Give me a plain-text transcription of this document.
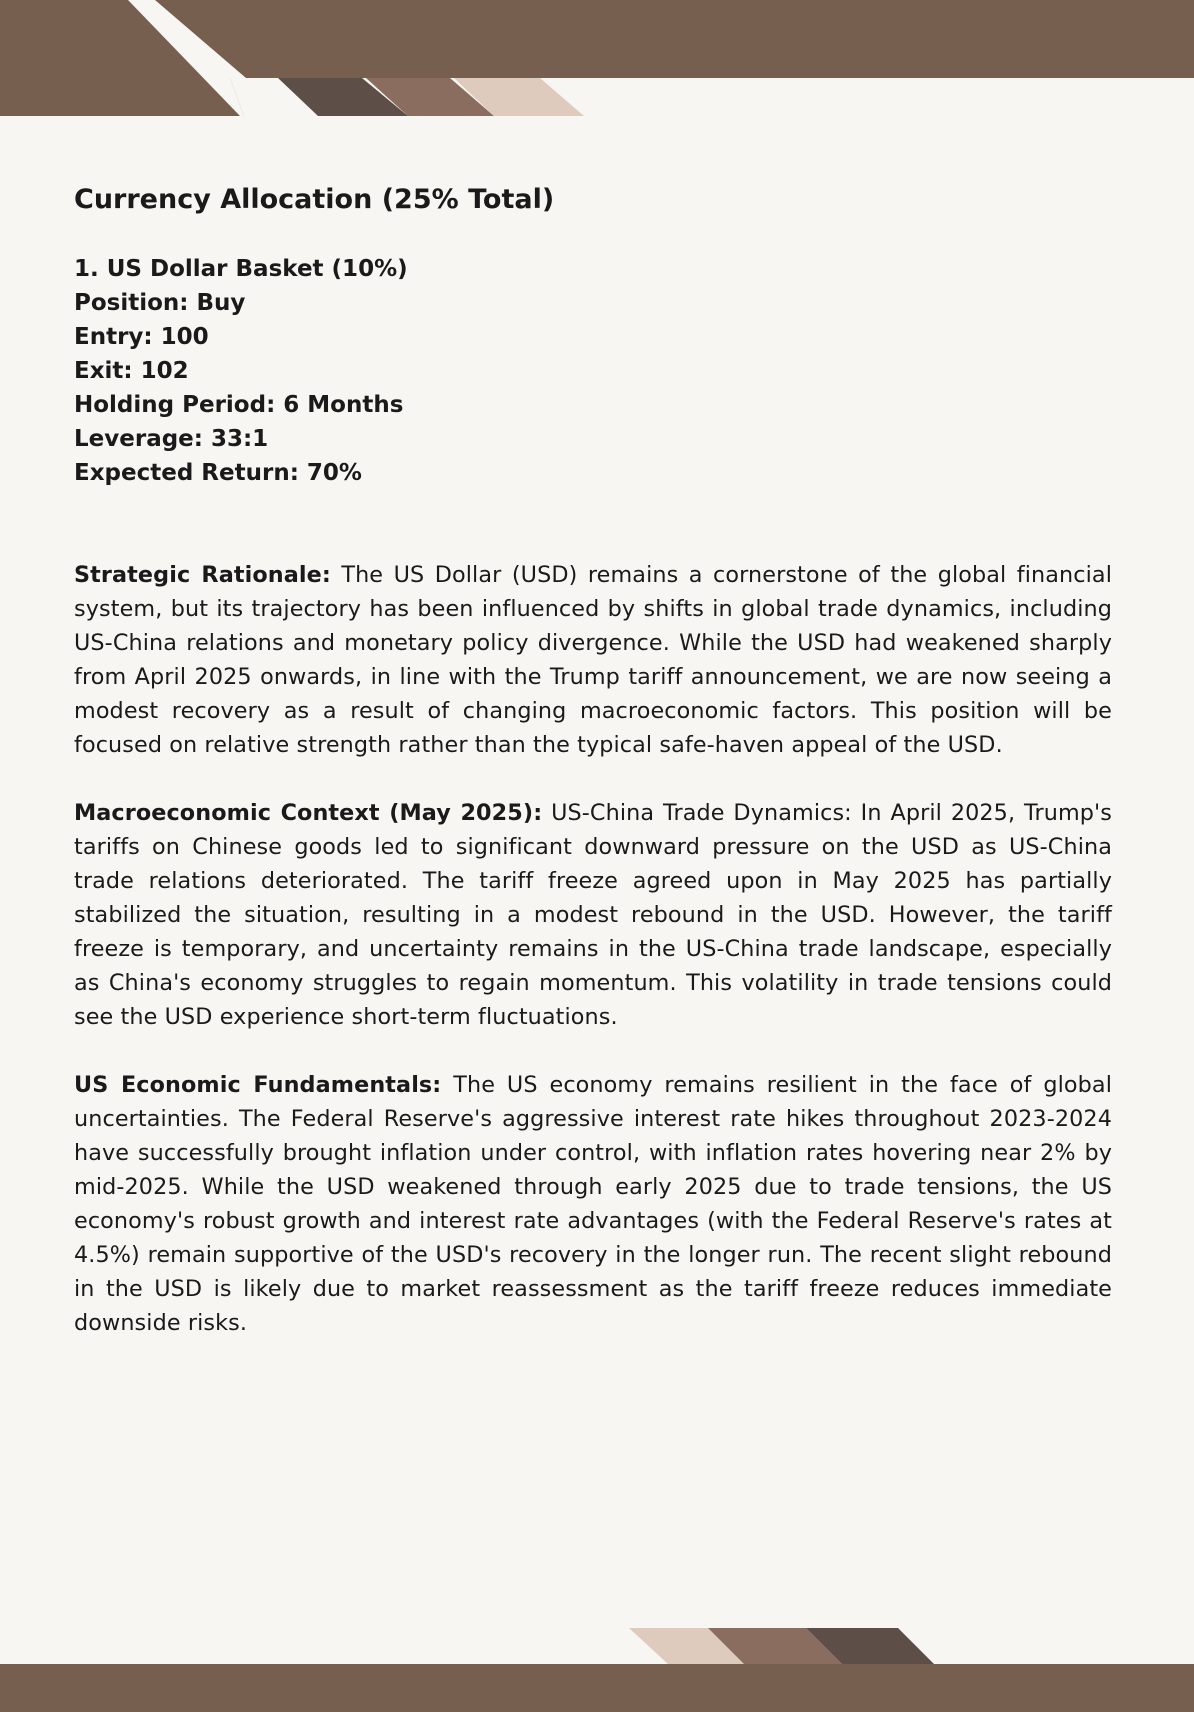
Currency Allocation (25% Total)
1. US Dollar Basket (10%)
Position: Buy
Entry: 100
Exit: 102
Holding Period: 6 Months
Leverage: 33:1
Expected Return: 70%

Strategic Rationale: The US Dollar (USD) remains a cornerstone of the global financial system, but its trajectory has been influenced by shifts in global trade dynamics, including US-China relations and monetary policy divergence. While the USD had weakened sharply from April 2025 onwards, in line with the Trump tariff announcement, we are now seeing a modest recovery as a result of changing macroeconomic factors. This position will be focused on relative strength rather than the typical safe-haven appeal of the USD.

Macroeconomic Context (May 2025): US-China Trade Dynamics: In April 2025, Trump's tariffs on Chinese goods led to significant downward pressure on the USD as US-China trade relations deteriorated. The tariff freeze agreed upon in May 2025 has partially stabilized the situation, resulting in a modest rebound in the USD. However, the tariff freeze is temporary, and uncertainty remains in the US-China trade landscape, especially as China's economy struggles to regain momentum. This volatility in trade tensions could see the USD experience short-term fluctuations.

US Economic Fundamentals: The US economy remains resilient in the face of global uncertainties. The Federal Reserve's aggressive interest rate hikes throughout 2023-2024 have successfully brought inflation under control, with inflation rates hovering near 2% by mid-2025. While the USD weakened through early 2025 due to trade tensions, the US economy's robust growth and interest rate advantages (with the Federal Reserve's rates at 4.5%) remain supportive of the USD's recovery in the longer run. The recent slight rebound in the USD is likely due to market reassessment as the tariff freeze reduces immediate downside risks.
